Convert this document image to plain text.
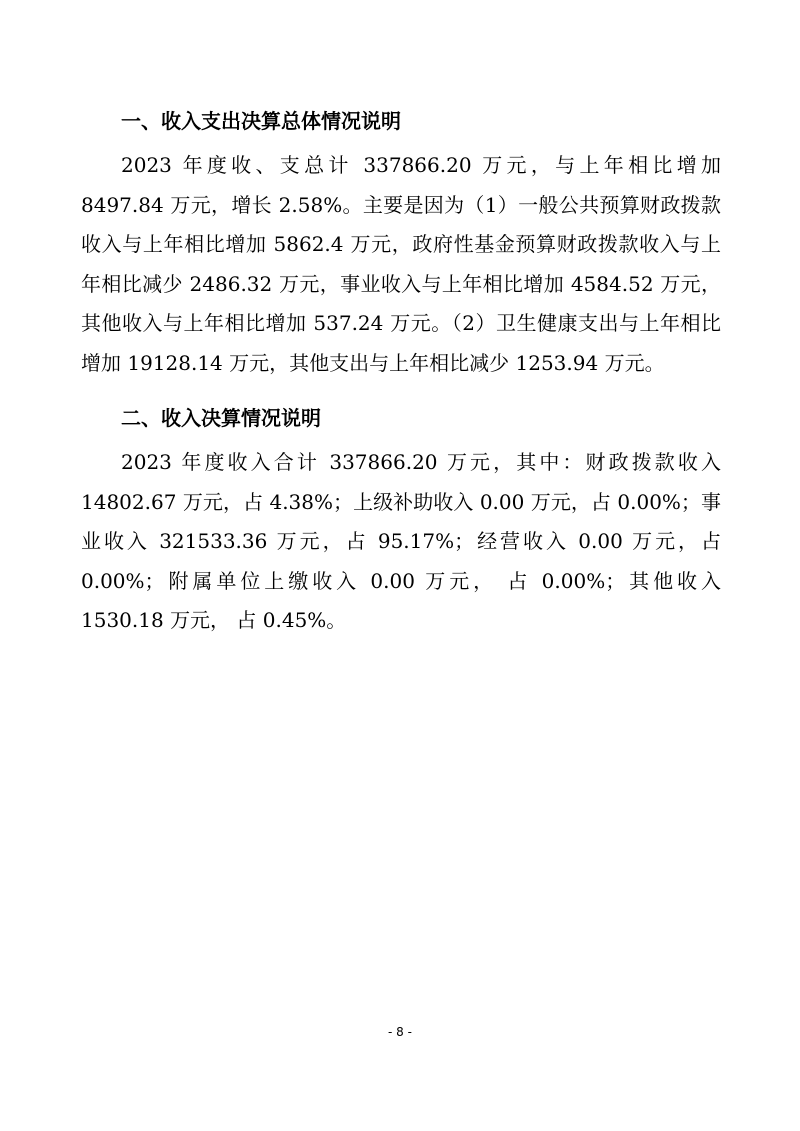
一、收入支出决算总体情况说明

2023 年度收、支总计 337866.20 万元，与上年相比增加 8497.84 万元，增长 2.58%。主要是因为（1）一般公共预算财政拨款收入与上年相比增加 5862.4 万元，政府性基金预算财政拨款收入与上年相比减少 2486.32 万元，事业收入与上年相比增加 4584.52 万元，其他收入与上年相比增加 537.24 万元。（2）卫生健康支出与上年相比增加 19128.14 万元，其他支出与上年相比减少 1253.94 万元。

二、收入决算情况说明

2023 年度收入合计 337866.20 万元，其中：财政拨款收入 14802.67 万元，占 4.38%；上级补助收入 0.00 万元，占 0.00%；事业收入 321533.36 万元，占 95.17%；经营收入 0.00 万元，占 0.00%；附属单位上缴收入 0.00 万元， 占 0.00%；其他收入 1530.18 万元， 占 0.45%。

- 8 -
